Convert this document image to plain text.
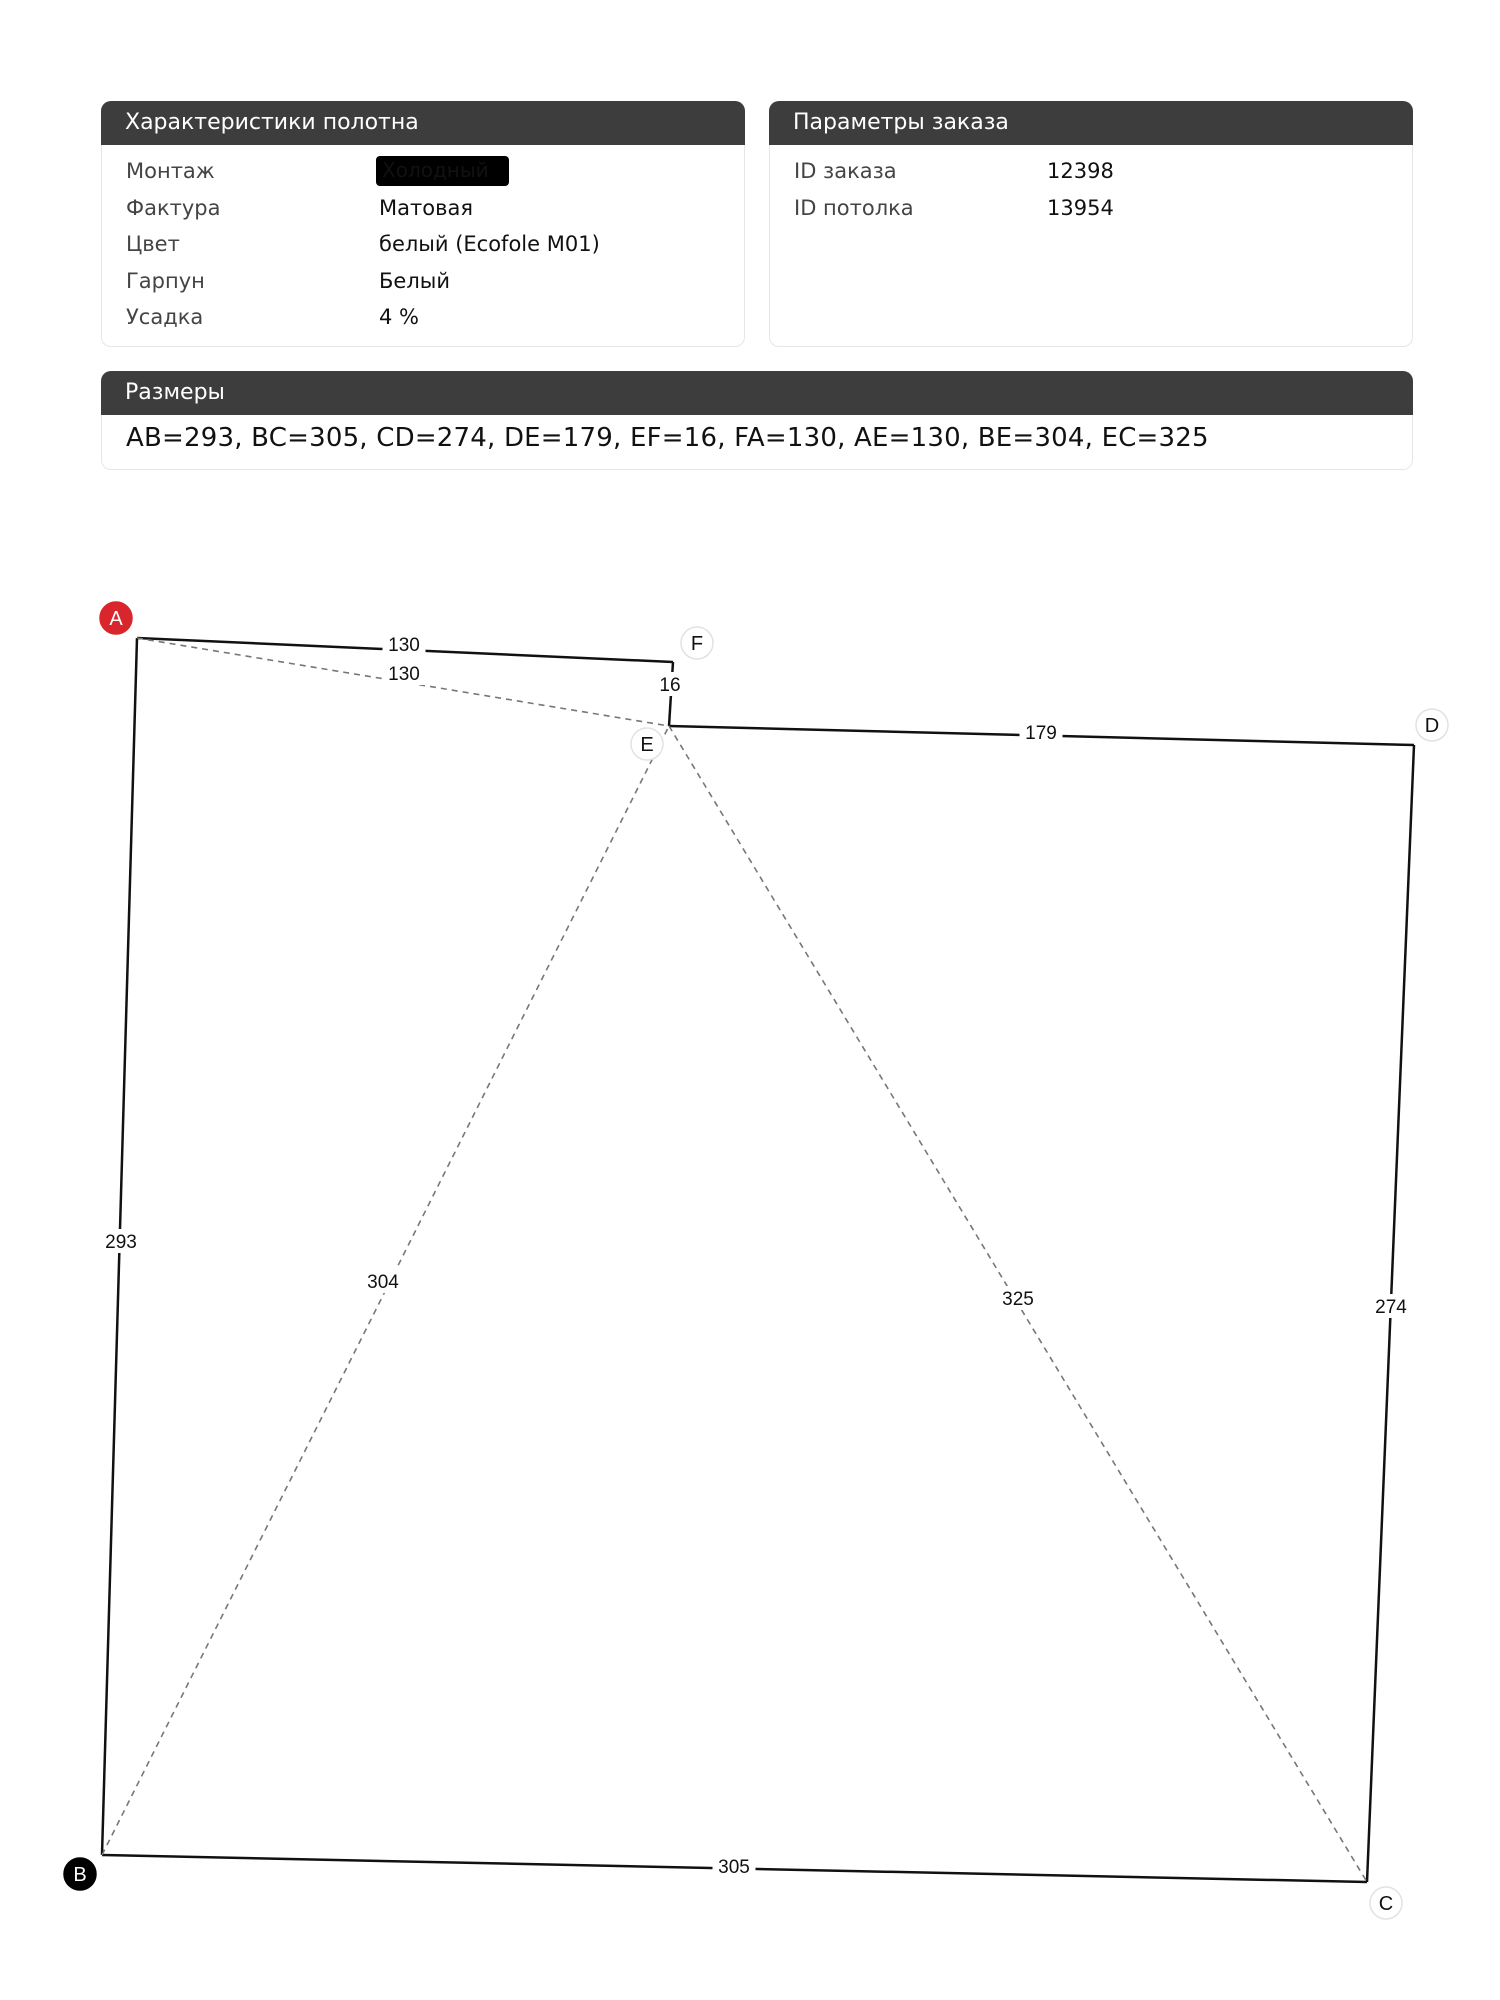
Характеристики полотна
Монтаж	Холодный
Фактура	Матовая
Цвет	белый (Ecofole M01)
Гарпун	Белый
Усадка	4 %
Параметры заказа
ID заказа	12398
ID потолка	13954
Размеры
AB=293, BC=305, CD=274, DE=179, EF=16, FA=130, AE=130, BE=304, EC=325
130
16
179
274
305
293
130
304
325
A
B
C
D
E
F
